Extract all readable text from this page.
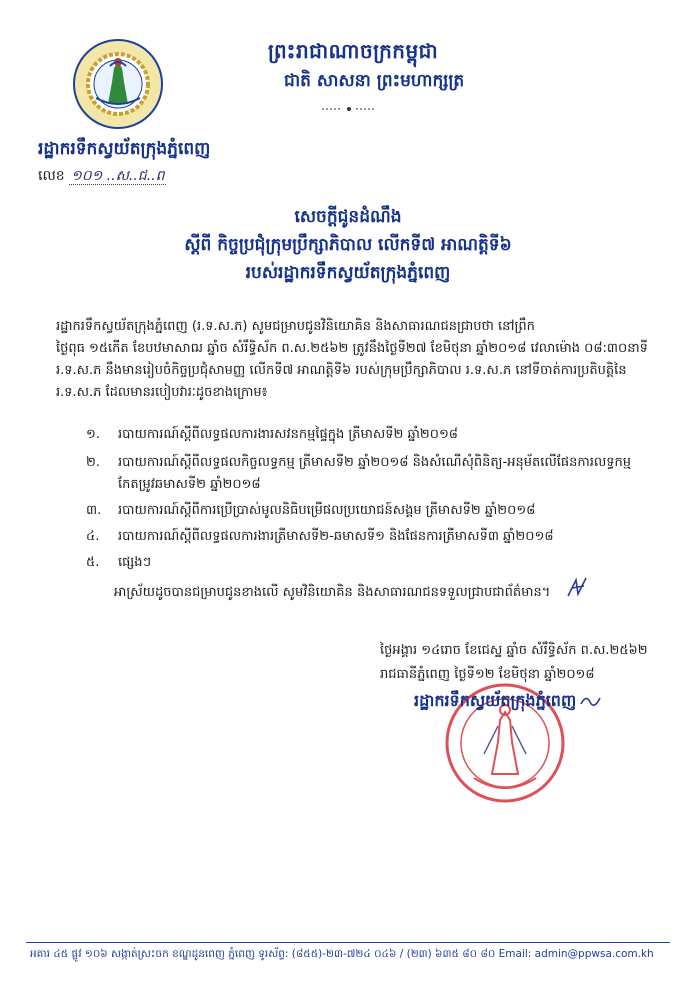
ព្រះរាជាណាចក្រកម្ពុជា
ជាតិ សាសនា ព្រះមហាក្សត្រ
រដ្ឋាករទឹកស្វយ័តក្រុងភ្នំពេញ
លេខ ១០១ ..ស..ជ..ព
សេចក្តីជូនដំណឹង
ស្តីពី កិច្ចប្រជុំក្រុមប្រឹក្សាភិបាល លើកទី៧ អាណត្តិទី៦
របស់រដ្ឋាករទឹកស្វយ័តក្រុងភ្នំពេញ
រដ្ឋាករទឹកស្វយ័តក្រុងភ្នំពេញ (រ.ទ.ស.ភ) សូមជម្រាបជូនវិនិយោគិន និងសាធារណជនជ្រាបថា នៅព្រឹក
ថ្ងៃពុធ ១៥កើត ខែបឋមាសាឍ ឆ្នាំច សំរឹទ្ធិស័ក ព.ស.២៥៦២ ត្រូវនឹងថ្ងៃទី២៧ ខែមិថុនា ឆ្នាំ២០១៨ វេលាម៉ោង ០៨:៣០នាទី
រ.ទ.ស.ភ នឹងមានរៀបចំកិច្ចប្រជុំសាមញ្ញ លើកទី៧ អាណត្តិទី៦ របស់ក្រុមប្រឹក្សាភិបាល រ.ទ.ស.ភ នៅទីចាត់ការប្រតិបត្តិនៃ
រ.ទ.ស.ភ ដែលមានរបៀបវារៈដូចខាងក្រោម៖
១. របាយការណ៍ស្តីពីលទ្ធផលការងារសវនកម្មផ្ទៃក្នុង ត្រីមាសទី២ ឆ្នាំ២០១៨
២. របាយការណ៍ស្តីពីលទ្ធផលកិច្ចលទ្ធកម្ម ត្រីមាសទី២ ឆ្នាំ២០១៨ និងសំណើសុំពិនិត្យ-អនុម័តលើផែនការលទ្ធកម្ម
កែតម្រូវឆមាសទី២ ឆ្នាំ២០១៨
៣. របាយការណ៍ស្តីពីការប្រើប្រាស់មូលនិធិបម្រើផលប្រយោជន៍សង្គម ត្រីមាសទី២ ឆ្នាំ២០១៨
៤. របាយការណ៍ស្តីពីលទ្ធផលការងារត្រីមាសទី២-ឆមាសទី១ និងផែនការត្រីមាសទី៣ ឆ្នាំ២០១៨
៥. ផ្សេងៗ
អាស្រ័យដូចបានជម្រាបជូនខាងលើ សូមវិនិយោគិន និងសាធារណជនទទួលជ្រាបជាព័ត៌មាន។
ថ្ងៃអង្គារ ១៤រោច ខែជេស្ឋ ឆ្នាំច សំរឹទ្ធិស័ក ព.ស.២៥៦២
រាជធានីភ្នំពេញ ថ្ងៃទី១២ ខែមិថុនា ឆ្នាំ២០១៨
រដ្ឋាករទឹកស្វយ័តក្រុងភ្នំពេញ
អគារ ៤៥ ផ្លូវ ១០៦ សង្កាត់ស្រះចក ខណ្ឌដូនពេញ ភ្នំពេញ ទូរស័ព្ទ: (៨៥៥)-២៣-៧២៤ ០៤៦ / (២៣) ៦៣៥ ៨០ ៨០ Email: admin@ppwsa.com.kh
